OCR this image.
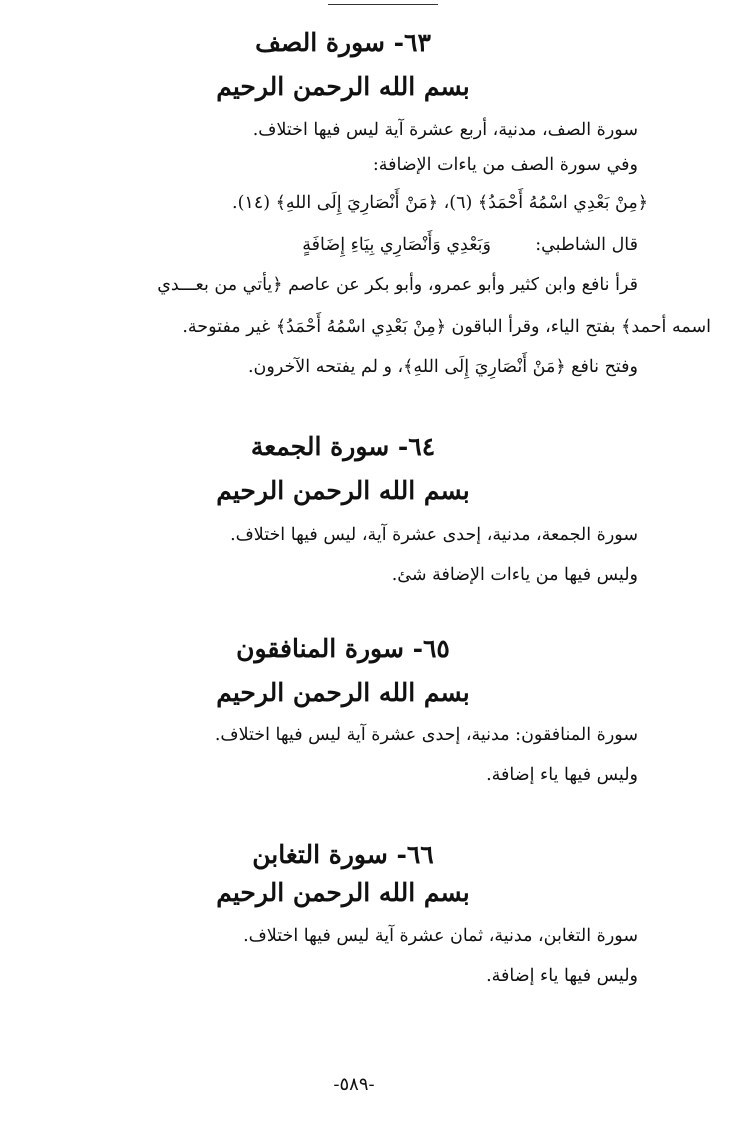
٦٣- سورة الصف
بسم الله الرحمن الرحيم
سورة الصف، مدنية، أربع عشرة آية ليس فيها اختلاف.
وفي سورة الصف من ياءات الإضافة:
﴿مِنْ بَعْدِي اسْمُهُ أَحْمَدُ﴾ (٦)، ﴿مَنْ أَنْصَارِيَ إِلَى اللهِ﴾ (١٤).
قال الشاطبي:
وَبَعْدِي وَأَنْصَارِي بِيَاءِ إِضَافَةٍ
قرأ نافع وابن كثير وأبو عمرو، وأبو بكر عن عاصم ﴿يأتي من بعـــدي
اسمه أحمد﴾ بفتح الياء، وقرأ الباقون ﴿مِنْ بَعْدِي اسْمُهُ أَحْمَدُ﴾ غير مفتوحة.
وفتح نافع ﴿مَنْ أَنْصَارِيَ إِلَى اللهِ﴾، و لم يفتحه الآخرون.
٦٤- سورة الجمعة
بسم الله الرحمن الرحيم
سورة الجمعة، مدنية، إحدى عشرة آية، ليس فيها اختلاف.
وليس فيها من ياءات الإضافة شئ.
٦٥- سورة المنافقون
بسم الله الرحمن الرحيم
سورة المنافقون: مدنية، إحدى عشرة آية ليس فيها اختلاف.
وليس فيها ياء إضافة.
٦٦- سورة التغابن
بسم الله الرحمن الرحيم
سورة التغابن، مدنية، ثمان عشرة آية ليس فيها اختلاف.
وليس فيها ياء إضافة.
-٥٨٩-
